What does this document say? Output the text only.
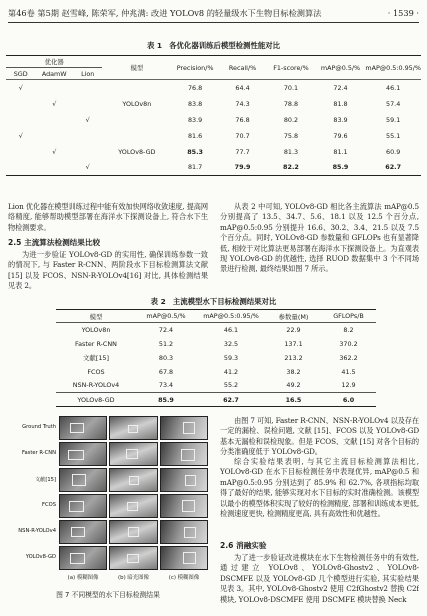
第46卷 第5期 赵雪峰, 陈荣军, 仲兆满: 改进 YOLOv8 的轻量级水下生物目标检测算法	· 1539 ·
表 1 各优化器训练后模型检测性能对比
优化器			模型	Precision/%	Recall/%	F1-score/%	mAP@0.5/%	mAP@0.5:0.95/%
SGD	AdamW	Lion						
√				76.8	64.4	70.1	72.4	46.1
	√		YOLOv8n	83.8	74.3	78.8	81.8	57.4
		√		83.9	76.8	80.2	83.9	59.1
√				81.6	70.7	75.8	79.6	55.1
	√		YOLOv8-GD	85.3	77.7	81.3	81.1	60.9
		√		81.7	79.9	82.2	85.9	62.7
Lion 优化器在模型训练过程中能有效加快网络收敛速度, 提高网络精度, 能够帮助模型部署在海洋水下探测设备上, 符合水下生物检测要求。
2.5 主流算法检测结果比较
为进一步验证 YOLOv8-GD 的实用性, 确保训练参数一致的情况下, 与 Faster R-CNN、两阶段水下目标检测算法文献 [15] 以及 FCOS、NSN-R-YOLOv4[16] 对比, 具体检测结果见表 2。
从表 2 中可知, YOLOv8-GD 相比各主流算法 mAP@0.5 分别提高了 13.5、34.7、5.6、18.1 以及 12.5 个百分点, mAP@0.5:0.95 分别提升 16.6、30.2、3.4、21.5 以及 7.5 个百分点。同时, YOLOv8-GD 参数量和 GFLOPs 也有显著降低, 相较于对比算法更易部署在海洋水下探测设备上。为直观表现 YOLOv8-GD 的优越性, 选择 RUOD 数据集中 3 个不同场景进行检测, 最终结果如图 7 所示。
表 2 主流模型水下目标检测结果对比
模型	mAP@0.5/%	mAP@0.5:0.95/%	参数量(M)	GFLOPs/B
YOLOv8n	72.4	46.1	22.9	8.2
Faster R-CNN	51.2	32.5	137.1	370.2
文献[15]	80.3	59.3	213.2	362.2
FCOS	67.8	41.2	38.2	41.5
NSN-R-YOLOv4	73.4	55.2	49.2	12.9
YOLOv8-GD	85.9	62.7	16.5	6.0
Ground Truth
Faster R-CNN
文献[15]
FCOS
NSN-R-YOLOv4
YOLOv8-GD
(a) 模糊图像	(b) 暗光图像	(c) 模糊图像
图 7 不同模型的水下目标检测结果
由图 7 可知, Faster R-CNN、NSN-R-YOLOv4 以及存在一定的漏检、误检问题, 文献 [15]、FCOS 以及 YOLOv8-GD 基本无漏检和误检现象。但是 FCOS、文献 [15] 对各个目标的分类准确度低于 YOLOv8-GD。
综合实验结果表明, 与其它主流目标检测算法相比, YOLOv8-GD 在水下目标检测任务中表现优异, mAP@0.5 和 mAP@0.5:0.95 分别达到了 85.9% 和 62.7%, 各项指标均取得了最好的结果, 能够实现对水下目标的实时准确检测。该模型以最小的模型体积实现了较好的检测精度, 部署和训练成本更低, 检测速度更快, 检测精度更高, 具有高效性和优越性。
2.6 消融实验
为了进一步验证改进模块在水下生物检测任务中的有效性, 通过建立 YOLOv8、YOLOv8-Ghostv2、YOLOv8-DSCMFE 以及 YOLOv8-GD 几个模型进行实验, 其实验结果见表 3。其中, YOLOv8-Ghostv2 使用 C2fGhostv2 替换 C2f 模块, YOLOv8-DSCMFE 使用 DSCMFE 模块替换 Neck
